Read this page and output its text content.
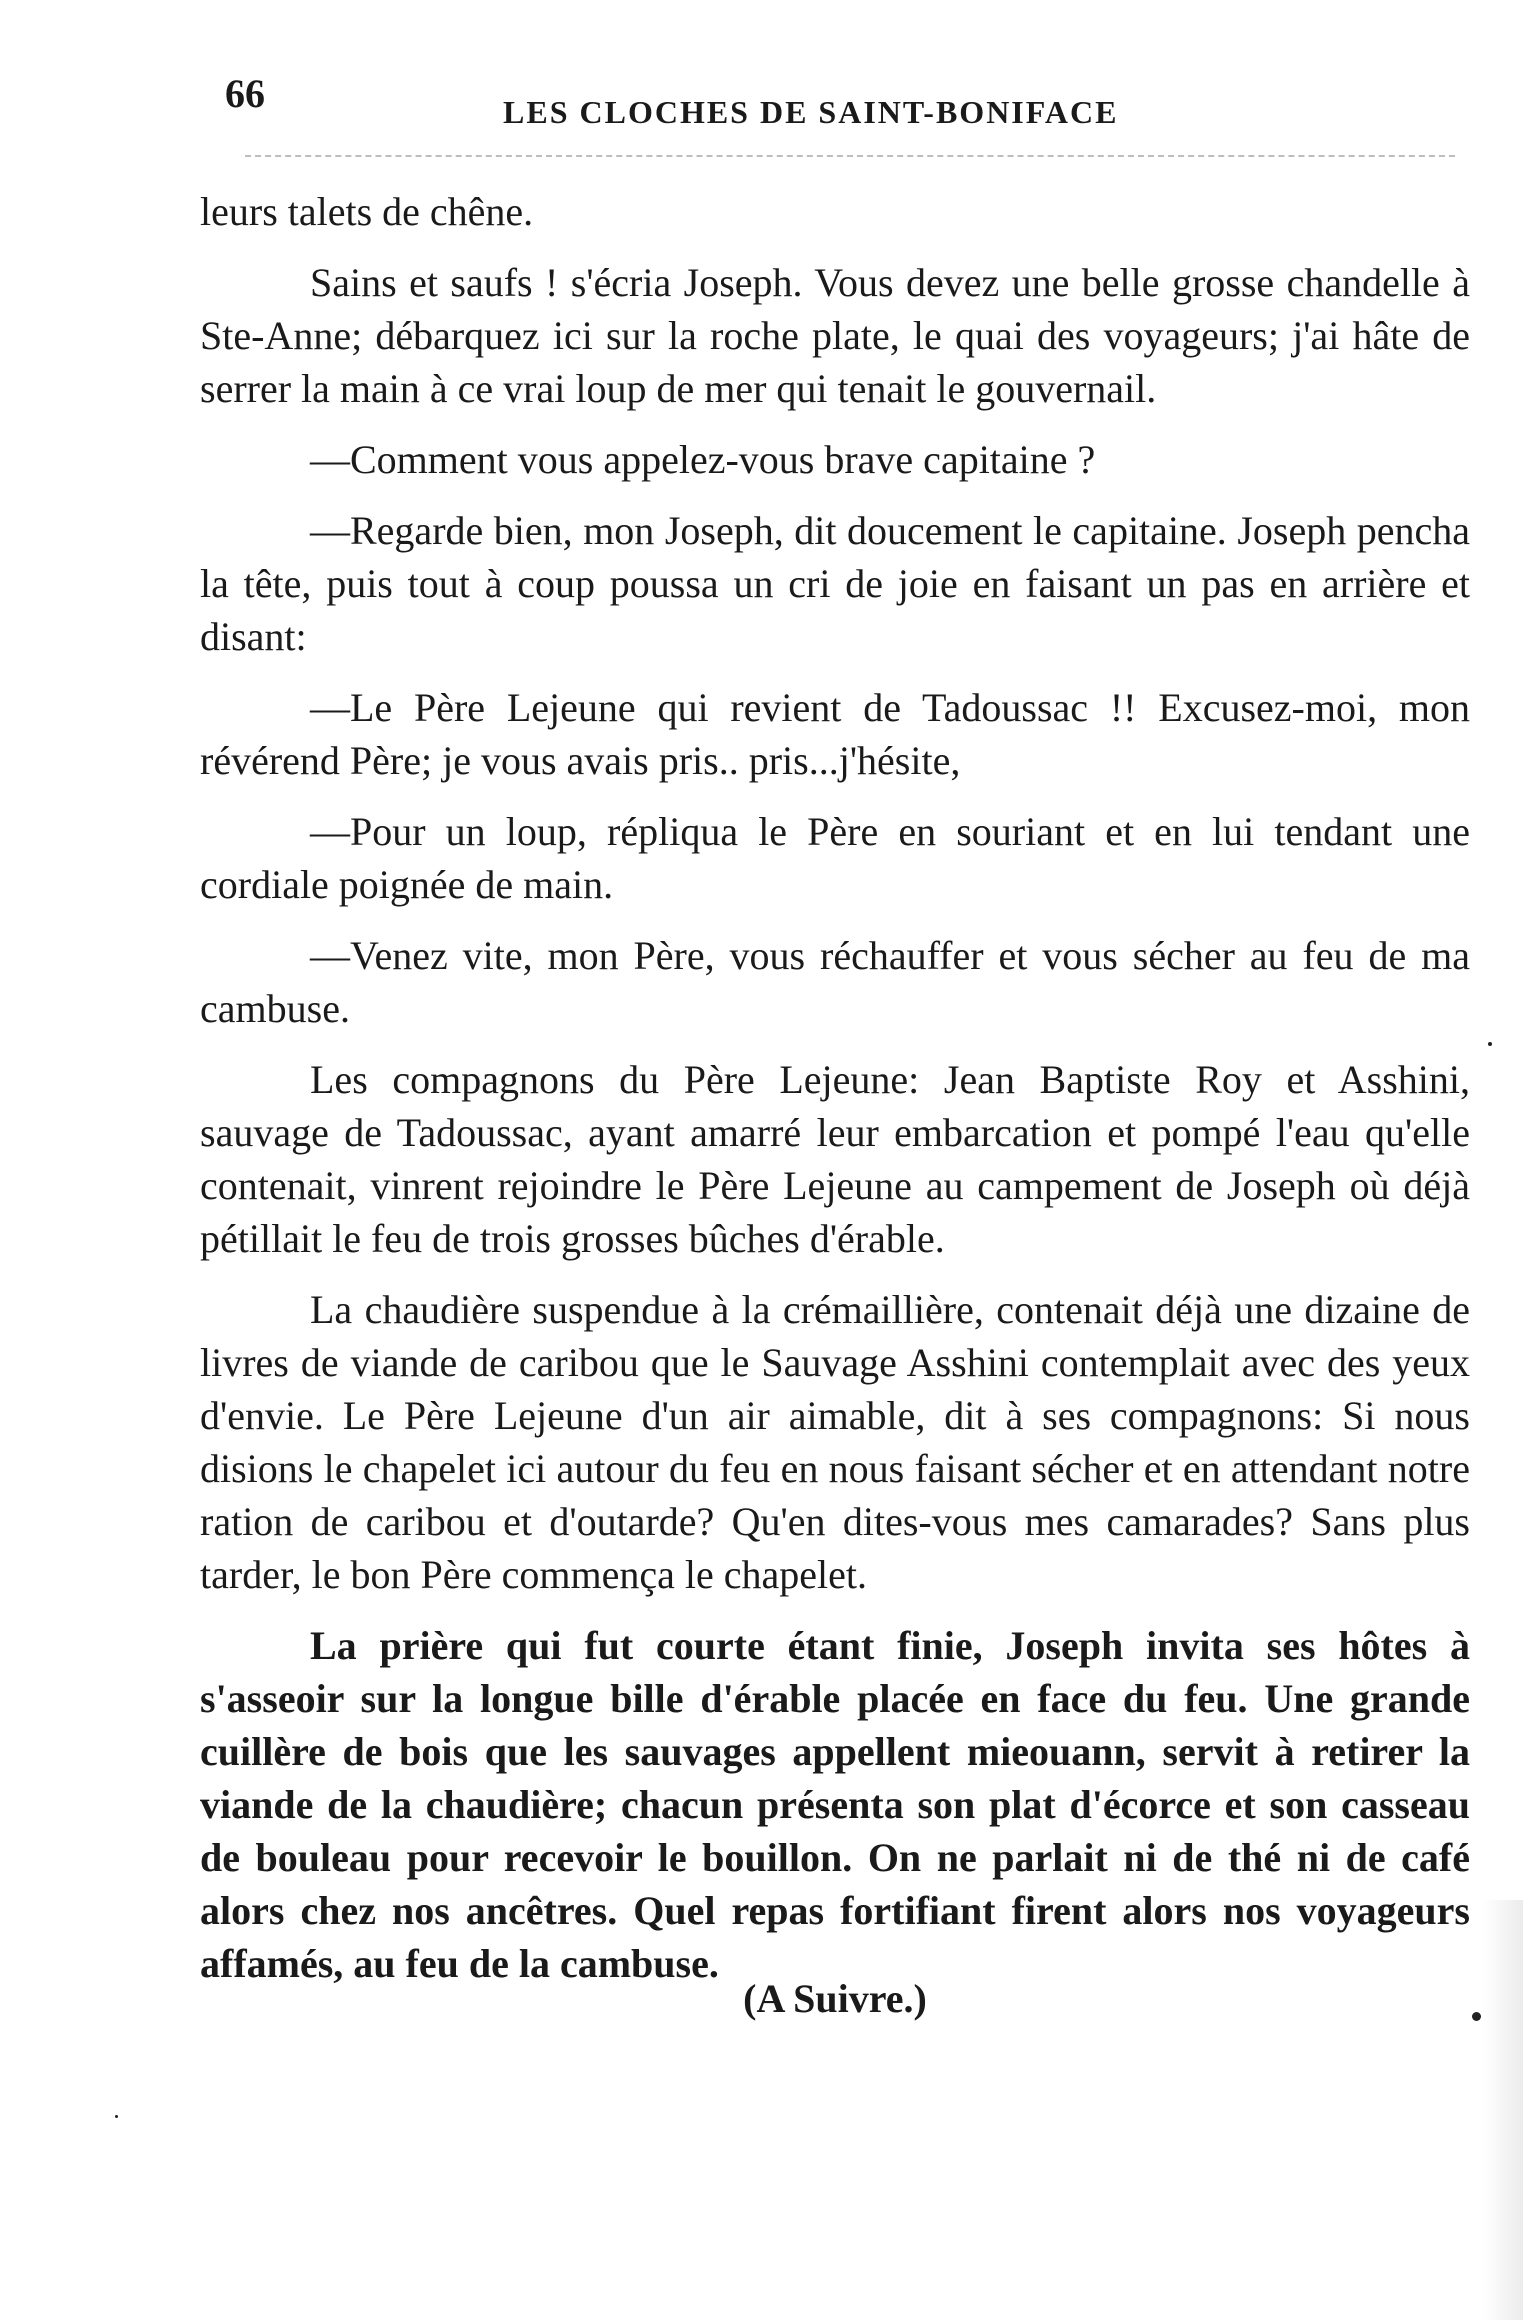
66	LES CLOCHES DE SAINT-BONIFACE

leurs talets de chêne.

Sains et saufs ! s'écria Joseph. Vous devez une belle grosse chandelle à Ste-Anne; débarquez ici sur la roche plate, le quai des voyageurs; j'ai hâte de serrer la main à ce vrai loup de mer qui tenait le gouvernail.

—Comment vous appelez-vous brave capitaine ?

—Regarde bien, mon Joseph, dit doucement le capitaine. Joseph pencha la tête, puis tout à coup poussa un cri de joie en faisant un pas en arrière et disant:

—Le Père Lejeune qui revient de Tadoussac !! Excusez-moi, mon révérend Père; je vous avais pris.. pris...j'hésite,

—Pour un loup, répliqua le Père en souriant et en lui tendant une cordiale poignée de main.

—Venez vite, mon Père, vous réchauffer et vous sécher au feu de ma cambuse.

Les compagnons du Père Lejeune: Jean Baptiste Roy et Asshini, sauvage de Tadoussac, ayant amarré leur embarcation et pompé l'eau qu'elle contenait, vinrent rejoindre le Père Lejeune au campement de Joseph où déjà pétillait le feu de trois grosses bûches d'érable.

La chaudière suspendue à la crémaillière, contenait déjà une dizaine de livres de viande de caribou que le Sauvage Asshini contemplait avec des yeux d'envie. Le Père Lejeune d'un air aimable, dit à ses compagnons: Si nous disions le chapelet ici autour du feu en nous faisant sécher et en attendant notre ration de caribou et d'outarde? Qu'en dites-vous mes camarades? Sans plus tarder, le bon Père commença le chapelet.

La prière qui fut courte étant finie, Joseph invita ses hôtes à s'asseoir sur la longue bille d'érable placée en face du feu. Une grande cuillère de bois que les sauvages appellent mieouann, servit à retirer la viande de la chaudière; chacun présenta son plat d'écorce et son casseau de bouleau pour recevoir le bouillon. On ne parlait ni de thé ni de café alors chez nos ancêtres. Quel repas fortifiant firent alors nos voyageurs affamés, au feu de la cambuse.

(A Suivre.)
